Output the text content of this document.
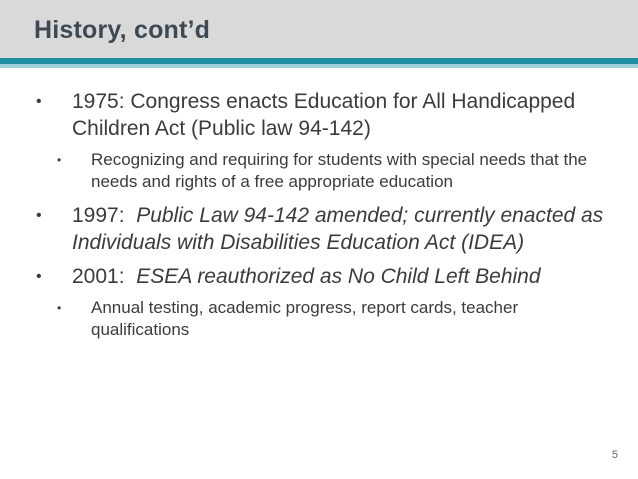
History, cont’d
• 1975: Congress enacts Education for All Handicapped Children Act (Public law 94-142)
• Recognizing and requiring for students with special needs that the needs and rights of a free appropriate education
• 1997:  Public Law 94-142 amended; currently enacted as Individuals with Disabilities Education Act (IDEA)
• 2001:  ESEA reauthorized as No Child Left Behind
• Annual testing, academic progress, report cards, teacher qualifications
5
